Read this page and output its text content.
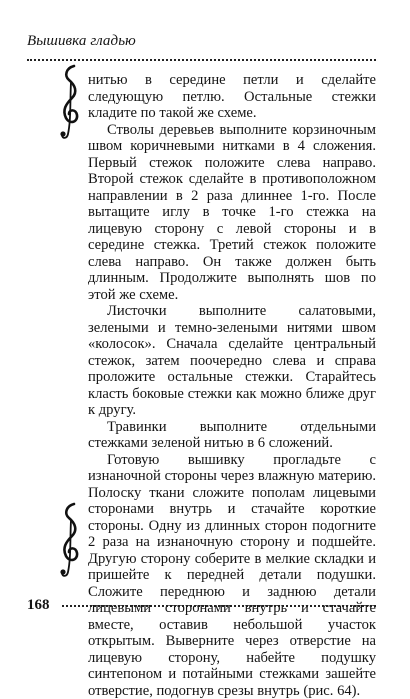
Вышивка гладью

нитью в середине петли и сделайте следующую петлю. Остальные стежки кладите по такой же схеме.

Стволы деревьев выполните корзиночным швом коричневыми нитками в 4 сложения. Первый стежок положите слева направо. Второй стежок сделайте в противоположном направлении в 2 раза длиннее 1-го. После вытащите иглу в точке 1-го стежка на лицевую сторону с левой стороны и в середине стежка. Третий стежок положите слева направо. Он также должен быть длинным. Продолжите выполнять шов по этой же схеме.

Листочки выполните салатовыми, зелеными и темно-зелеными нитями швом «колосок». Сначала сделайте центральный стежок, затем поочередно слева и справа проложите остальные стежки. Старайтесь класть боковые стежки как можно ближе друг к другу.

Травинки выполните отдельными стежками зеленой нитью в 6 сложений.

Готовую вышивку прогладьте с изнаночной стороны через влажную материю. Полоску ткани сложите пополам лицевыми сторонами внутрь и стачайте короткие стороны. Одну из длинных сторон подогните 2 раза на изнаночную сторону и подшейте. Другую сторону соберите в мелкие складки и пришейте к передней детали подушки. Сложите переднюю и заднюю детали лицевыми сторонами внутрь и стачайте вместе, оставив небольшой участок открытым. Выверните через отверстие на лицевую сторону, набейте подушку синтепоном и потайными стежками зашейте отверстие, подогнув срезы внутрь (рис. 64).

168
